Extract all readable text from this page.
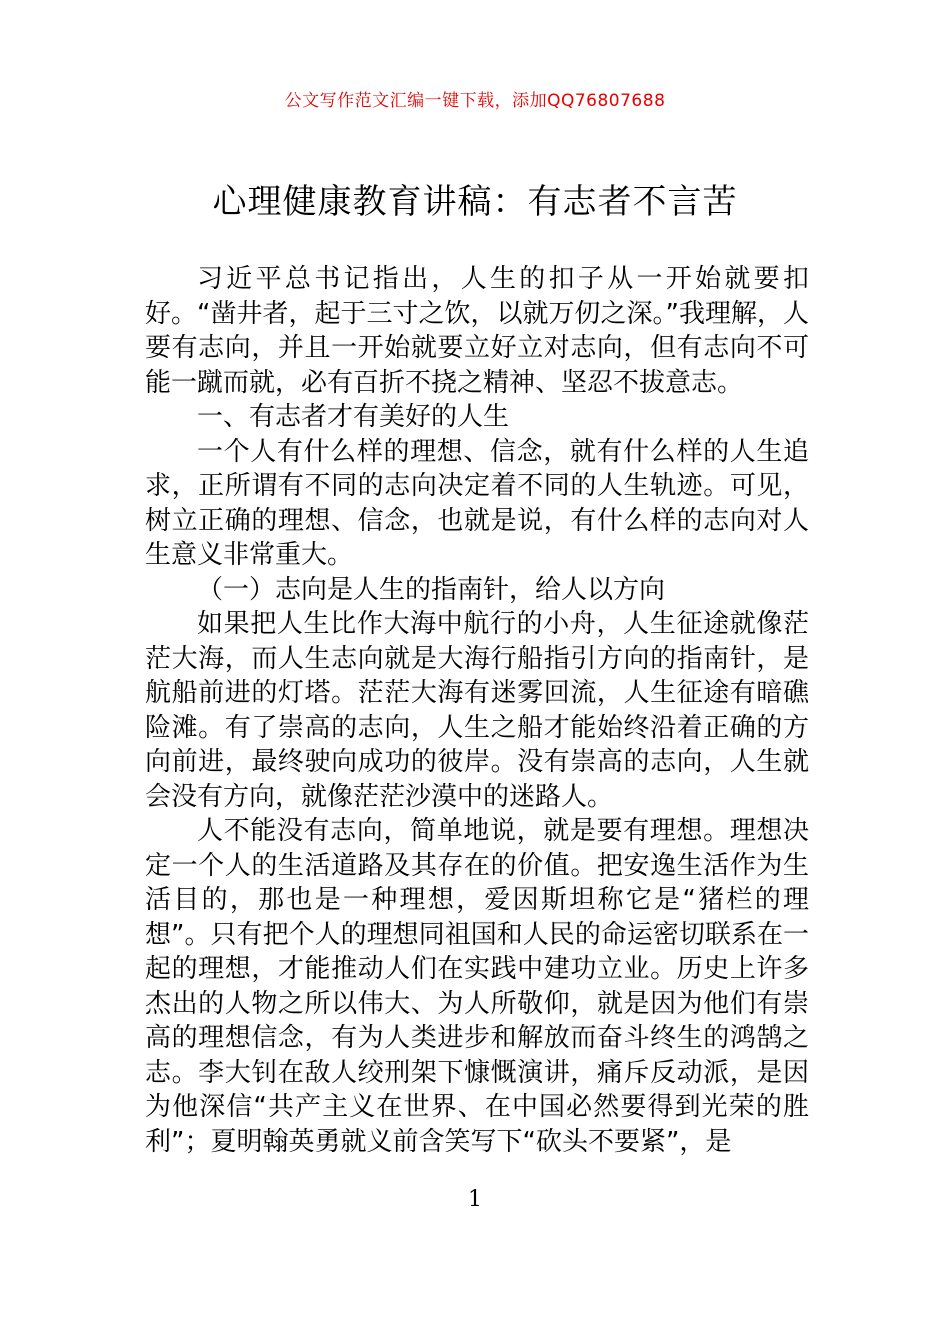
公文写作范文汇编一键下载，添加QQ76807688
心理健康教育讲稿：有志者不言苦

习近平总书记指出，人生的扣子从一开始就要扣好。“凿井者，起于三寸之饮，以就万仞之深。”我理解，人要有志向，并且一开始就要立好立对志向，但有志向不可能一蹴而就，必有百折不挠之精神、坚忍不拔意志。

一、有志者才有美好的人生

一个人有什么样的理想、信念，就有什么样的人生追求，正所谓有不同的志向决定着不同的人生轨迹。可见，树立正确的理想、信念，也就是说，有什么样的志向对人生意义非常重大。

（一）志向是人生的指南针，给人以方向

如果把人生比作大海中航行的小舟，人生征途就像茫茫大海，而人生志向就是大海行船指引方向的指南针，是航船前进的灯塔。茫茫大海有迷雾回流，人生征途有暗礁险滩。有了崇高的志向，人生之船才能始终沿着正确的方向前进，最终驶向成功的彼岸。没有崇高的志向，人生就会没有方向，就像茫茫沙漠中的迷路人。

人不能没有志向，简单地说，就是要有理想。理想决定一个人的生活道路及其存在的价值。把安逸生活作为生活目的，那也是一种理想，爱因斯坦称它是“猪栏的理想”。只有把个人的理想同祖国和人民的命运密切联系在一起的理想，才能推动人们在实践中建功立业。历史上许多杰出的人物之所以伟大、为人所敬仰，就是因为他们有崇高的理想信念，有为人类进步和解放而奋斗终生的鸿鹄之志。李大钊在敌人绞刑架下慷慨演讲，痛斥反动派，是因为他深信“共产主义在世界、在中国必然要得到光荣的胜利”；夏明翰英勇就义前含笑写下“砍头不要紧”，是

1
